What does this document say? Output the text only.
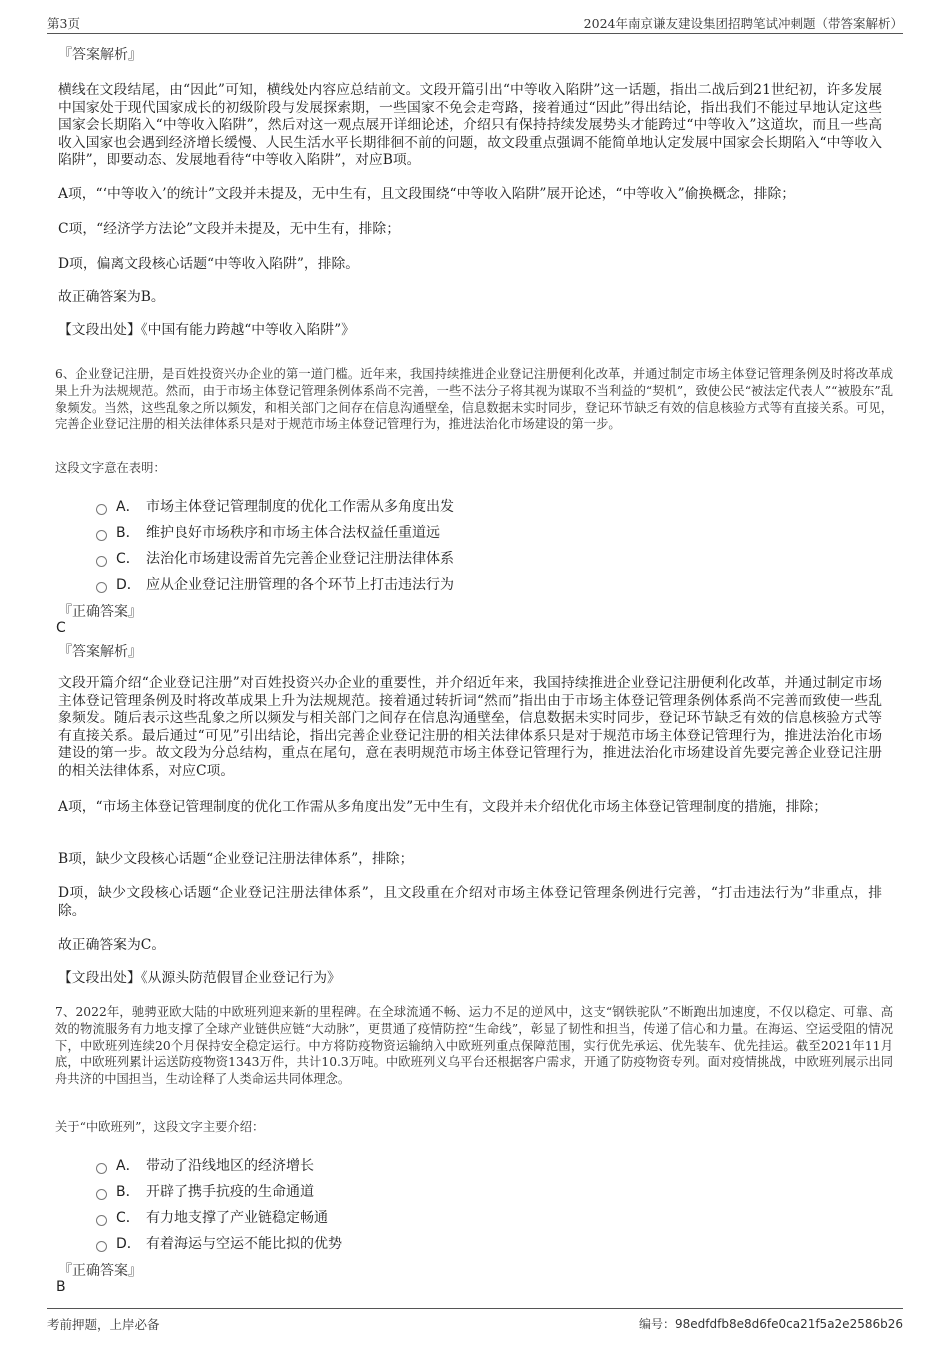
第3页	2024年南京谦友建设集团招聘笔试冲刺题（带答案解析）
『答案解析』
横线在文段结尾，由“因此”可知，横线处内容应总结前文。文段开篇引出“中等收入陷阱”这一话题，指出二战后到21世纪初，许多发展中国家处于现代国家成长的初级阶段与发展探索期，一些国家不免会走弯路，接着通过“因此”得出结论，指出我们不能过早地认定这些国家会长期陷入“中等收入陷阱”，然后对这一观点展开详细论述，介绍只有保持持续发展势头才能跨过“中等收入”这道坎，而且一些高收入国家也会遇到经济增长缓慢、人民生活水平长期徘徊不前的问题，故文段重点强调不能简单地认定发展中国家会长期陷入“中等收入陷阱”，即要动态、发展地看待“中等收入陷阱”，对应B项。
A项，“‘中等收入’的统计”文段并未提及，无中生有，且文段围绕“中等收入陷阱”展开论述，“中等收入”偷换概念，排除；
C项，“经济学方法论”文段并未提及，无中生有，排除；
D项，偏离文段核心话题“中等收入陷阱”，排除。
故正确答案为B。
【文段出处】《中国有能力跨越“中等收入陷阱”》
6、企业登记注册，是百姓投资兴办企业的第一道门槛。近年来，我国持续推进企业登记注册便利化改革，并通过制定市场主体登记管理条例及时将改革成果上升为法规规范。然而，由于市场主体登记管理条例体系尚不完善，一些不法分子将其视为谋取不当利益的“契机”，致使公民“被法定代表人”“被股东”乱象频发。当然，这些乱象之所以频发，和相关部门之间存在信息沟通壁垒，信息数据未实时同步，登记环节缺乏有效的信息核验方式等有直接关系。可见，完善企业登记注册的相关法律体系只是对于规范市场主体登记管理行为，推进法治化市场建设的第一步。
这段文字意在表明：
A． 市场主体登记管理制度的优化工作需从多角度出发
B． 维护良好市场秩序和市场主体合法权益任重道远
C． 法治化市场建设需首先完善企业登记注册法律体系
D． 应从企业登记注册管理的各个环节上打击违法行为
『正确答案』
C
『答案解析』
文段开篇介绍“企业登记注册”对百姓投资兴办企业的重要性，并介绍近年来，我国持续推进企业登记注册便利化改革，并通过制定市场主体登记管理条例及时将改革成果上升为法规规范。接着通过转折词“然而”指出由于市场主体登记管理条例体系尚不完善而致使一些乱象频发。随后表示这些乱象之所以频发与相关部门之间存在信息沟通壁垒，信息数据未实时同步，登记环节缺乏有效的信息核验方式等有直接关系。最后通过“可见”引出结论，指出完善企业登记注册的相关法律体系只是对于规范市场主体登记管理行为，推进法治化市场建设的第一步。故文段为分总结构，重点在尾句，意在表明规范市场主体登记管理行为，推进法治化市场建设首先要完善企业登记注册的相关法律体系，对应C项。
A项，“市场主体登记管理制度的优化工作需从多角度出发”无中生有，文段并未介绍优化市场主体登记管理制度的措施，排除；
B项，缺少文段核心话题“企业登记注册法律体系”，排除；
D项，缺少文段核心话题“企业登记注册法律体系”，且文段重在介绍对市场主体登记管理条例进行完善，“打击违法行为”非重点，排除。
故正确答案为C。
【文段出处】《从源头防范假冒企业登记行为》
7、2022年，驰骋亚欧大陆的中欧班列迎来新的里程碑。在全球流通不畅、运力不足的逆风中，这支“钢铁驼队”不断跑出加速度，不仅以稳定、可靠、高效的物流服务有力地支撑了全球产业链供应链“大动脉”，更贯通了疫情防控“生命线”，彰显了韧性和担当，传递了信心和力量。在海运、空运受阻的情况下，中欧班列连续20个月保持安全稳定运行。中方将防疫物资运输纳入中欧班列重点保障范围，实行优先承运、优先装车、优先挂运。截至2021年11月底，中欧班列累计运送防疫物资1343万件，共计10.3万吨。中欧班列义乌平台还根据客户需求，开通了防疫物资专列。面对疫情挑战，中欧班列展示出同舟共济的中国担当，生动诠释了人类命运共同体理念。
关于“中欧班列”，这段文字主要介绍：
A． 带动了沿线地区的经济增长
B． 开辟了携手抗疫的生命通道
C． 有力地支撑了产业链稳定畅通
D． 有着海运与空运不能比拟的优势
『正确答案』
B
考前押题，上岸必备	编号：98edfdfb8e8d6fe0ca21f5a2e2586b26
